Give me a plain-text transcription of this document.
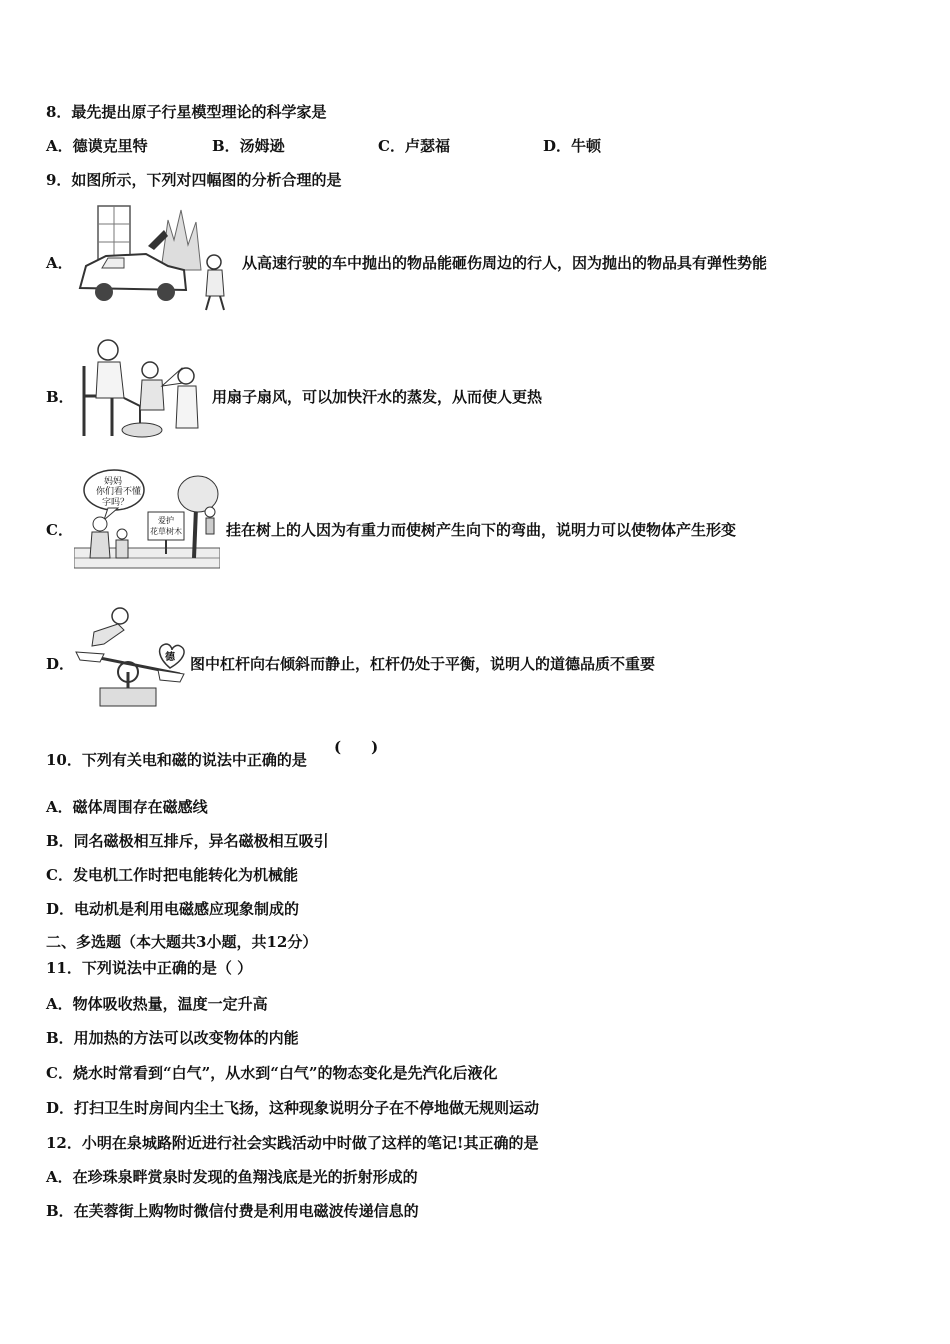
8．最先提出原子行星模型理论的科学家是
A．德谟克里特	B．汤姆逊	C．卢瑟福	D．牛顿
9．如图所示，下列对四幅图的分析合理的是
A．	从高速行驶的车中抛出的物品能砸伤周边的行人，因为抛出的物品具有弹性势能
B．	用扇子扇风，可以加快汗水的蒸发，从而使人更热
C．
妈妈
你们 看不懂
字吗？
爱护
花草树木	挂在树上的人因为有重力而使树产生向下的弯曲，说明力可以使物体产生形变
D．	德 图中杠杆向右倾斜而静止，杠杆仍处于平衡，说明人的道德品质不重要
10．下列有关电和磁的说法中正确的是
(　　)
A．磁体周围存在磁感线
B．同名磁极相互排斥，异名磁极相互吸引
C．发电机工作时把电能转化为机械能
D．电动机是利用电磁感应现象制成的
二、多选题（本大题共3小题，共12分）
11．下列说法中正确的是（ ）
A．物体吸收热量，温度一定升高
B．用加热的方法可以改变物体的内能
C．烧水时常看到“白气”，从水到“白气”的物态变化是先汽化后液化
D．打扫卫生时房间内尘土飞扬，这种现象说明分子在不停地做无规则运动
12．小明在泉城路附近进行社会实践活动中时做了这样的笔记!其正确的是
A．在珍珠泉畔赏泉时发现的鱼翔浅底是光的折射形成的
B．在芙蓉街上购物时微信付费是利用电磁波传递信息的
